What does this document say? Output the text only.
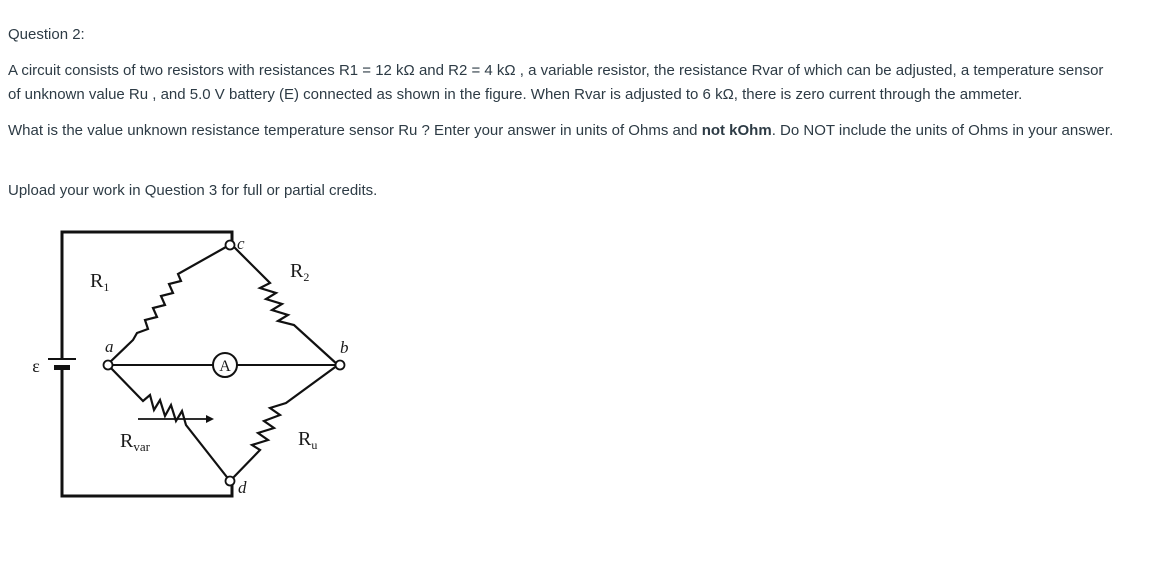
Question 2:

A circuit consists of two resistors with resistances R1 = 12 kΩ and R2 = 4 kΩ , a variable resistor, the resistance Rvar of which can be adjusted, a temperature sensor
of unknown value Ru , and 5.0 V battery (E) connected as shown in the figure. When Rvar is adjusted to 6 kΩ, there is zero current through the ammeter.

What is the value unknown resistance temperature sensor Ru ? Enter your answer in units of Ohms and not kOhm. Do NOT include the units of Ohms in your answer.

Upload your work in Question 3 for full or partial credits.

ε	A
a	b
c
d
$R_1$
$R_2$
$R_{var}$	$R_u$
